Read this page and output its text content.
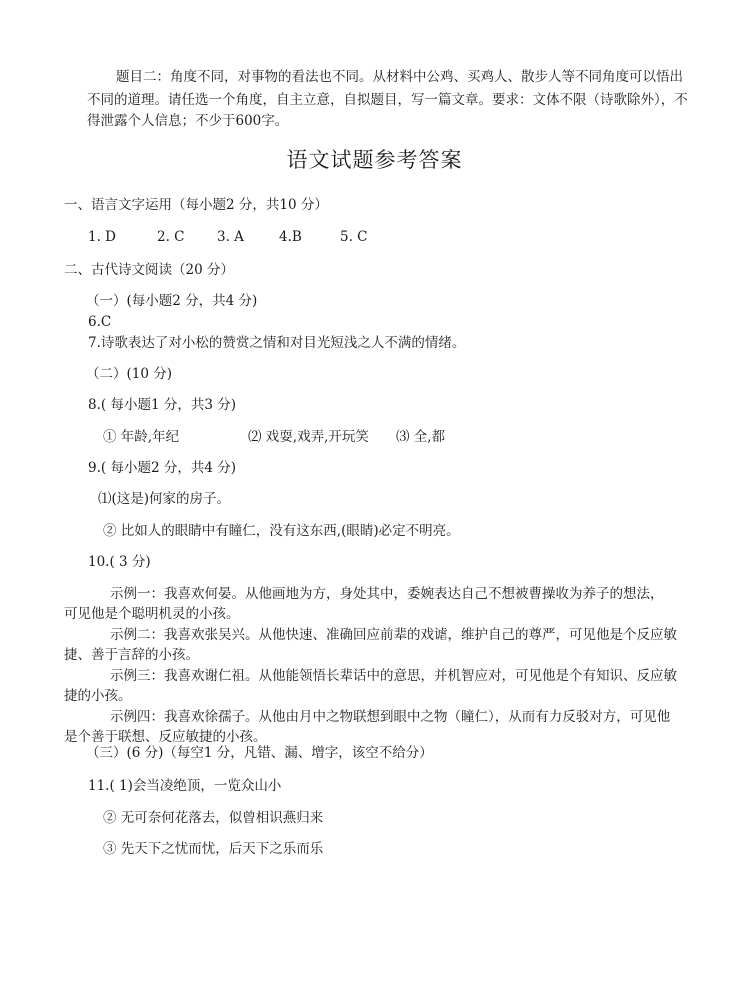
题目二：角度不同，对事物的看法也不同。从材料中公鸡、买鸡人、散步人等不同角度可以悟出
不同的道理。请任选一个角度，自主立意，自拟题目，写一篇文章。要求：文体不限（诗歌除外），不
得泄露个人信息；不少于600字。
语文试题参考答案
一、语言文字运用（每小题2 分，共10 分）
1. D	2. C 3. A	4.B	5. C
二、古代诗文阅读（20 分）
（一）(每小题2 分，共4 分)
6.C
7.诗歌表达了对小松的赞赏之情和对目光短浅之人不满的情绪。
（二）(10 分)
8.( 每小题1 分，共3 分)
① 年龄,年纪	⑵ 戏耍,戏弄,开玩笑 ⑶ 全,都
9.( 每小题2 分，共4 分)
⑴(这是)何家的房子。
② 比如人的眼睛中有瞳仁，没有这东西,(眼睛)必定不明亮。
10.( 3 分)
示例一：我喜欢何晏。从他画地为方，身处其中，委婉表达自己不想被曹操收为养子的想法，
可见他是个聪明机灵的小孩。
示例二：我喜欢张吴兴。从他快速、准确回应前辈的戏谑，维护自己的尊严，可见他是个反应敏
捷、善于言辞的小孩。
示例三：我喜欢谢仁祖。从他能领悟长辈话中的意思，并机智应对，可见他是个有知识、反应敏
捷的小孩。
示例四：我喜欢徐孺子。从他由月中之物联想到眼中之物（瞳仁），从而有力反驳对方，可见他
是个善于联想、反应敏捷的小孩。
（三）(6 分)（每空1 分，凡错、漏、增字，该空不给分）
11.( 1)会当凌绝顶，一览众山小
② 无可奈何花落去，似曾相识燕归来
③ 先天下之忧而忧，后天下之乐而乐
